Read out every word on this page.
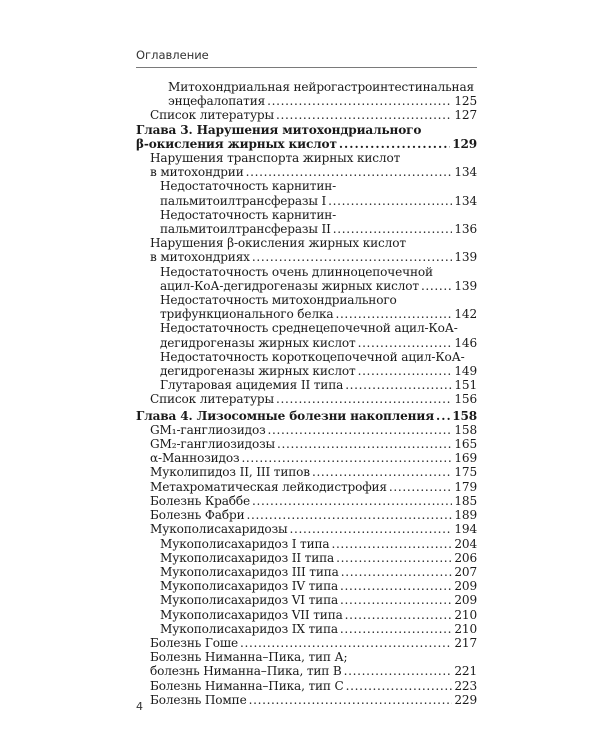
Оглавление
Митохондриальная нейрогастроинтестинальная
энцефалопатия . . .	125
Список литературы . . .	127
Глава 3. Нарушения митохондриального
β-окисления жирных кислот . . .	129
Нарушения транспорта жирных кислот
в митохондрии . . .	134
Недостаточность карнитин-
пальмитоилтрансферазы I . . .	134
Недостаточность карнитин-
пальмитоилтрансферазы II . . .	136
Нарушения β-окисления жирных кислот
в митохондриях . . .	139
Недостаточность очень длинноцепочечной
ацил-КоА-дегидрогеназы жирных кислот . . .	139
Недостаточность митохондриального
трифункционального белка . . .	142
Недостаточность среднецепочечной ацил-КоА-
дегидрогеназы жирных кислот . . .	146
Недостаточность короткоцепочечной ацил-КоА-
дегидрогеназы жирных кислот . . .	149
Глутаровая ацидемия II типа . . .	151
Список литературы . . .	156
Глава 4. Лизосомные болезни накопления . . . 158
GM₁-ганглиозидоз . . .	158
GM₂-ганглиозидозы . . .	165
α-Маннозидоз . . .	169
Муколипидоз II, III типов . . .	175
Метахроматическая лейкодистрофия . . .	179
Болезнь Краббе . . .	185
Болезнь Фабри . . .	189
Мукополисахаридозы . . .	194
Мукополисахаридоз I типа . . .	204
Мукополисахаридоз II типа . . .	206
Мукополисахаридоз III типа . . .	207
Мукополисахаридоз IV типа . . .	209
Мукополисахаридоз VI типа . . .	209
Мукополисахаридоз VII типа . . .	210
Мукополисахаридоз IX типа . . .	210
Болезнь Гоше . . .	217
Болезнь Ниманна–Пика, тип А;
болезнь Ниманна–Пика, тип В . . .	221
Болезнь Ниманна–Пика, тип С . . .	223
Болезнь Помпе . . .	229
4
